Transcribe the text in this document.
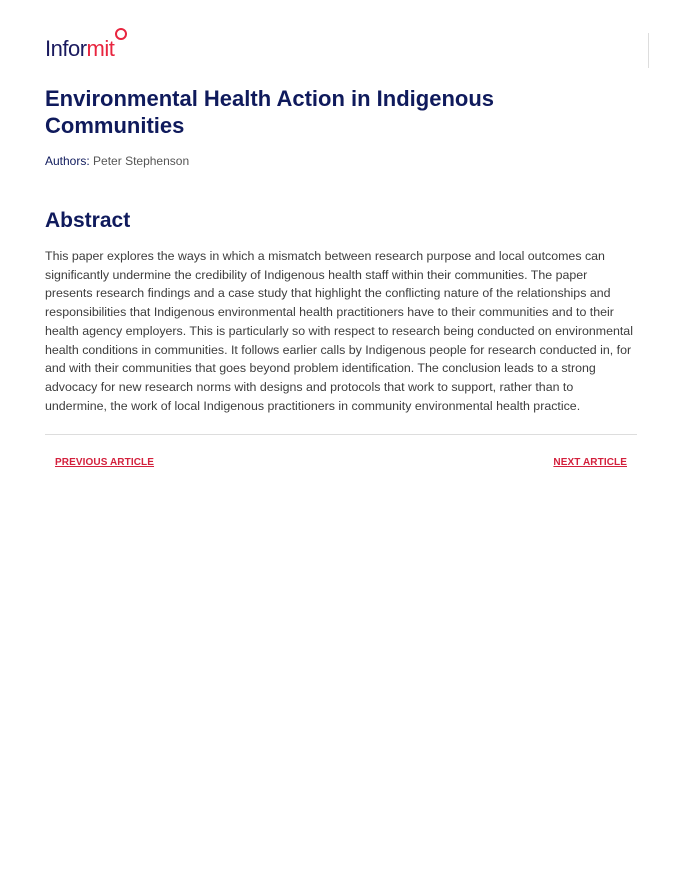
Infor mit
Environmental Health Action in Indigenous Communities
Authors: Peter Stephenson
Abstract

This paper explores the ways in which a mismatch between research purpose and local outcomes can significantly undermine the credibility of Indigenous health staff within their communities. The paper presents research findings and a case study that highlight the conflicting nature of the relationships and responsibilities that Indigenous environmental health practitioners have to their communities and to their health agency employers. This is particularly so with respect to research being conducted on environmental health conditions in communities. It follows earlier calls by Indigenous people for research conducted in, for and with their communities that goes beyond problem identification. The conclusion leads to a strong advocacy for new research norms with designs and protocols that work to support, rather than to undermine, the work of local Indigenous practitioners in community environmental health practice.

PREVIOUS ARTICLE	NEXT ARTICLE
